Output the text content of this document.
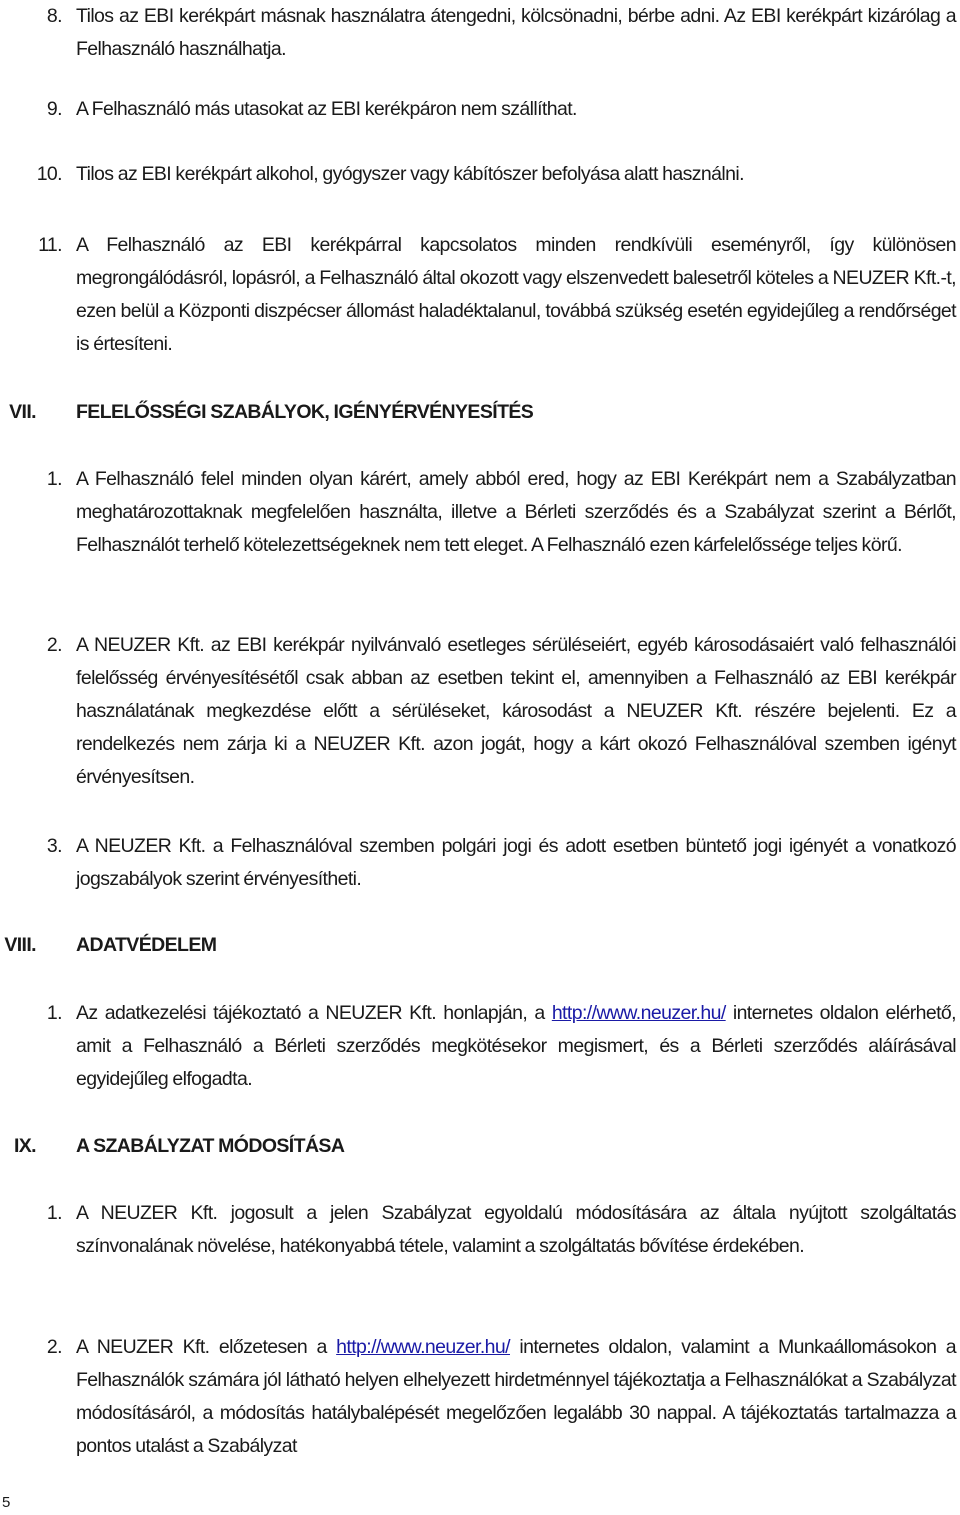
8. Tilos az EBI kerékpárt másnak használatra átengedni, kölcsönadni, bérbe adni. Az EBI kerékpárt kizárólag a Felhasználó használhatja.
9. A Felhasználó más utasokat az EBI kerékpáron nem szállíthat.
10. Tilos az EBI kerékpárt alkohol, gyógyszer vagy kábítószer befolyása alatt használni.
11. A Felhasználó az EBI kerékpárral kapcsolatos minden rendkívüli eseményről, így különösen megrongálódásról, lopásról, a Felhasználó által okozott vagy elszenvedett balesetről köteles a NEUZER Kft.-t, ezen belül a Központi diszpécser állomást haladéktalanul, továbbá szükség esetén egyidejűleg a rendőrséget is értesíteni.
VII. FELELŐSSÉGI SZABÁLYOK, IGÉNYÉRVÉNYESÍTÉS
1. A Felhasználó felel minden olyan kárért, amely abból ered, hogy az EBI Kerékpárt nem a Szabályzatban meghatározottaknak megfelelően használta, illetve a Bérleti szerződés és a Szabályzat szerint a Bérlőt, Felhasználót terhelő kötelezettségeknek nem tett eleget. A Felhasználó ezen kárfelelőssége teljes körű.
2. A NEUZER Kft. az EBI kerékpár nyilvánvaló esetleges sérüléseiért, egyéb károsodásaiért való felhasználói felelősség érvényesítésétől csak abban az esetben tekint el, amennyiben a Felhasználó az EBI kerékpár használatának megkezdése előtt a sérüléseket, károsodást a NEUZER Kft. részére bejelenti. Ez a rendelkezés nem zárja ki a NEUZER Kft. azon jogát, hogy a kárt okozó Felhasználóval szemben igényt érvényesítsen.
3. A NEUZER Kft. a Felhasználóval szemben polgári jogi és adott esetben büntető jogi igényét a vonatkozó jogszabályok szerint érvényesítheti.
VIII. ADATVÉDELEM
1. Az adatkezelési tájékoztató a NEUZER Kft. honlapján, a http://www.neuzer.hu/ internetes oldalon elérhető, amit a Felhasználó a Bérleti szerződés megkötésekor megismert, és a Bérleti szerződés aláírásával egyidejűleg elfogadta.
IX. A SZABÁLYZAT MÓDOSÍTÁSA
1. A NEUZER Kft. jogosult a jelen Szabályzat egyoldalú módosítására az általa nyújtott szolgáltatás színvonalának növelése, hatékonyabbá tétele, valamint a szolgáltatás bővítése érdekében.
2. A NEUZER Kft. előzetesen a http://www.neuzer.hu/ internetes oldalon, valamint a Munkaállomásokon a Felhasználók számára jól látható helyen elhelyezett hirdetménnyel tájékoztatja a Felhasználókat a Szabályzat módosításáról, a módosítás hatálybalépését megelőzően legalább 30 nappal. A tájékoztatás tartalmazza a pontos utalást a Szabályzat
5
